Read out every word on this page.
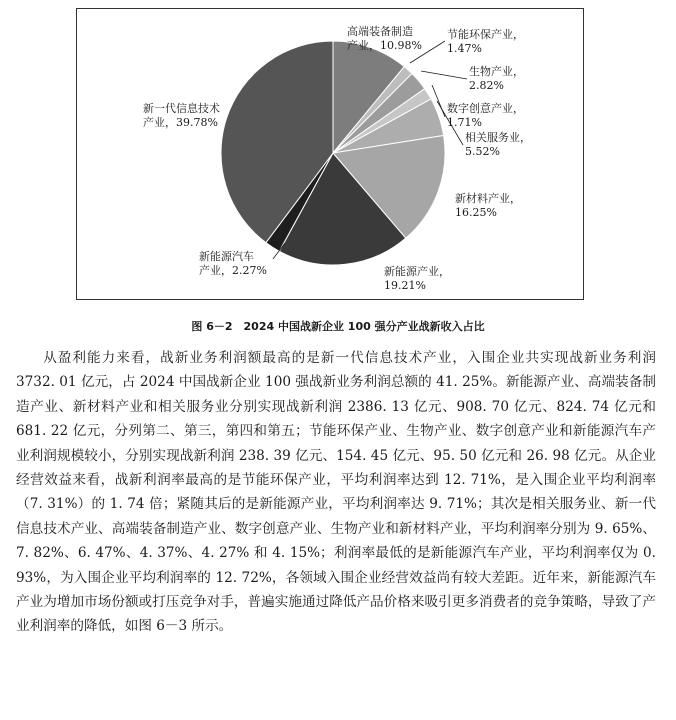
高端装备制造产业，10.98%
节能环保产业， 1.47%
生物产业， 2.82%
数字创意产业， 1.71%
相关服务业， 5.52%
新材料产业， 16.25%
新能源产业， 19.21%
新能源汽车产业，2.27%
新一代信息技术产业，39.78%
图 6－2　2024 中国战新企业 100 强分产业战新收入占比

从盈利能力来看，战新业务利润额最高的是新一代信息技术产业，入围企业共实现战新业务利润 3732. 01 亿元，占 2024 中国战新企业 100 强战新业务利润总额的 41. 25%。新能源产业、高端装备制造产业、新材料产业和相关服务业分别实现战新利润 2386. 13 亿元、908. 70 亿元、824. 74 亿元和 681. 22 亿元，分列第二、第三，第四和第五；节能环保产业、生物产业、数字创意产业和新能源汽车产业利润规模较小，分别实现战新利润 238. 39 亿元、154. 45 亿元、95. 50 亿元和 26. 98 亿元。从企业经营效益来看，战新利润率最高的是节能环保产业，平均利润率达到 12. 71%，是入围企业平均利润率（7. 31%）的 1. 74 倍；紧随其后的是新能源产业，平均利润率达 9. 71%；其次是相关服务业、新一代信息技术产业、高端装备制造产业、数字创意产业、生物产业和新材料产业，平均利润率分别为 9. 65%、7. 82%、6. 47%、4. 37%、4. 27% 和 4. 15%；利润率最低的是新能源汽车产业，平均利润率仅为 0. 93%，为入围企业平均利润率的 12. 72%，各领域入围企业经营效益尚有较大差距。近年来，新能源汽车产业为增加市场份额或打压竞争对手，普遍实施通过降低产品价格来吸引更多消费者的竞争策略，导致了产业利润率的降低，如图 6－3 所示。
